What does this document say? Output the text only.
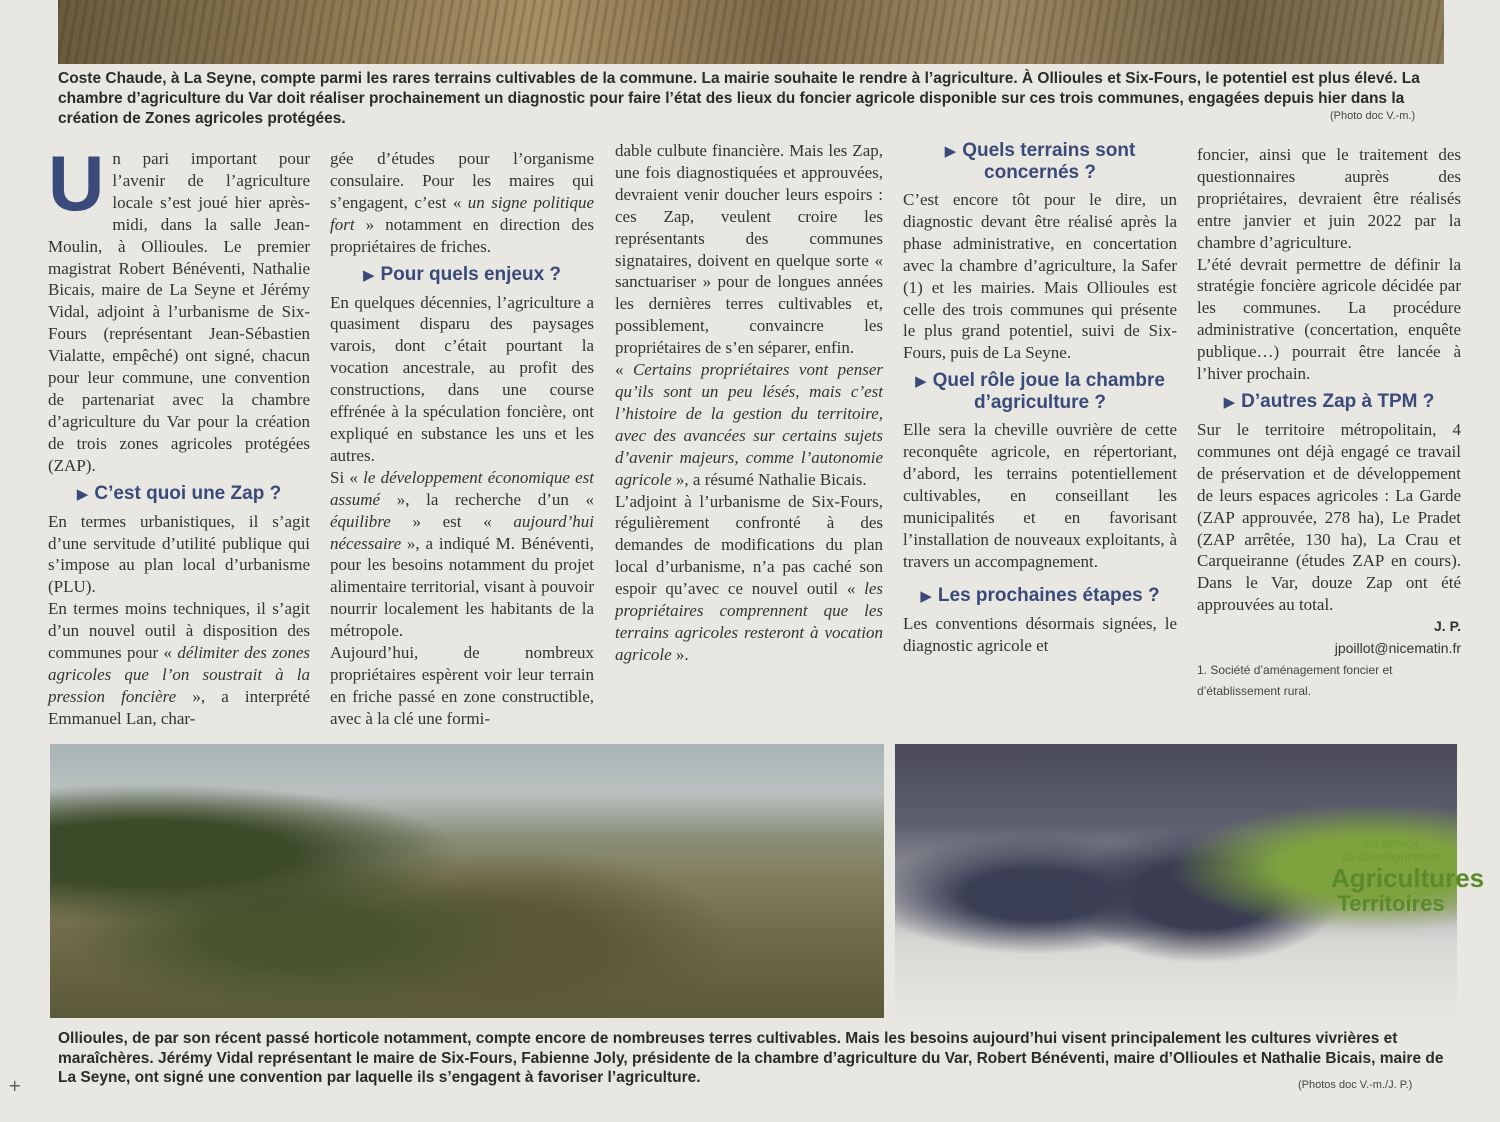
Coste Chaude, à La Seyne, compte parmi les rares terrains cultivables de la commune. La mairie souhaite le rendre à l’agriculture. À Ollioules et Six-Fours, le potentiel est plus élevé. La chambre d’agriculture du Var doit réaliser prochainement un diagnostic pour faire l’état des lieux du foncier agricole disponible sur ces trois communes, engagées depuis hier dans la création de Zones agricoles protégées.	(Photo doc V.-m.)

Un pari important pour l’avenir de l’agriculture locale s’est joué hier après-midi, dans la salle Jean-Moulin, à Ollioules. Le premier magistrat Robert Bénéventi, Nathalie Bicais, maire de La Seyne et Jérémy Vidal, adjoint à l’urbanisme de Six-Fours (représentant Jean-Sébastien Vialatte, empêché) ont signé, chacun pour leur commune, une convention de partenariat avec la chambre d’agriculture du Var pour la création de trois zones agricoles protégées (ZAP).

▶ C’est quoi une Zap ?

En termes urbanistiques, il s’agit d’une servitude d’utilité publique qui s’impose au plan local d’urbanisme (PLU).

En termes moins techniques, il s’agit d’un nouvel outil à disposition des communes pour « délimiter des zones agricoles que l’on soustrait à la pression foncière », a interprété Emmanuel Lan, char-

gée d’études pour l’organisme consulaire. Pour les maires qui s’engagent, c’est « un signe politique fort » notamment en direction des propriétaires de friches.

▶ Pour quels enjeux ?

En quelques décennies, l’agriculture a quasiment disparu des paysages varois, dont c’était pourtant la vocation ancestrale, au profit des constructions, dans une course effrénée à la spéculation foncière, ont expliqué en substance les uns et les autres.

Si « le développement économique est assumé », la recherche d’un « équilibre » est « aujourd’hui nécessaire », a indiqué M. Bénéventi, pour les besoins notamment du projet alimentaire territorial, visant à pouvoir nourrir localement les habitants de la métropole.

Aujourd’hui, de nombreux propriétaires espèrent voir leur terrain en friche passé en zone constructible, avec à la clé une formi-

dable culbute financière. Mais les Zap, une fois diagnostiquées et approuvées, devraient venir doucher leurs espoirs : ces Zap, veulent croire les représentants des communes signataires, doivent en quelque sorte « sanctuariser » pour de longues années les dernières terres cultivables et, possiblement, convaincre les propriétaires de s’en séparer, enfin.

« Certains propriétaires vont penser qu’ils sont un peu lésés, mais c’est l’histoire de la gestion du territoire, avec des avancées sur certains sujets d’avenir majeurs, comme l’autonomie agricole », a résumé Nathalie Bicais.

L’adjoint à l’urbanisme de Six-Fours, régulièrement confronté à des demandes de modifications du plan local d’urbanisme, n’a pas caché son espoir qu’avec ce nouvel outil « les propriétaires comprennent que les terrains agricoles resteront à vocation agricole ».

▶ Quels terrains sont concernés ?

C’est encore tôt pour le dire, un diagnostic devant être réalisé après la phase administrative, en concertation avec la chambre d’agriculture, la Safer (1) et les mairies. Mais Ollioules est celle des trois communes qui présente le plus grand potentiel, suivi de Six-Fours, puis de La Seyne.

▶ Quel rôle joue la chambre d’agriculture ?

Elle sera la cheville ouvrière de cette reconquête agricole, en répertoriant, d’abord, les terrains potentiellement cultivables, en conseillant les municipalités et en favorisant l’installation de nouveaux exploitants, à travers un accompagnement.

▶ Les prochaines étapes ?

Les conventions désormais signées, le diagnostic agricole et

foncier, ainsi que le traitement des questionnaires auprès des propriétaires, devraient être réalisés entre janvier et juin 2022 par la chambre d’agriculture.

L’été devrait permettre de définir la stratégie foncière agricole décidée par les communes. La procédure administrative (concertation, enquête publique…) pourrait être lancée à l’hiver prochain.

▶ D’autres Zap à TPM ?

Sur le territoire métropolitain, 4 communes ont déjà engagé ce travail de préservation et de développement de leurs espaces agricoles : La Garde (ZAP approuvée, 278 ha), Le Pradet (ZAP arrêtée, 130 ha), La Crau et Carqueiranne (études ZAP en cours). Dans le Var, douze Zap ont été approuvées au total.

J. P.
jpoillot@nicematin.fr
1. Société d’aménagement foncier et d’établissement rural.
Au service
du développement
Agricultures
Territoires
Ollioules, de par son récent passé horticole notamment, compte encore de nombreuses terres cultivables. Mais les besoins aujourd’hui visent principalement les cultures vivrières et maraîchères. Jérémy Vidal représentant le maire de Six-Fours, Fabienne Joly, présidente de la chambre d’agriculture du Var, Robert Bénéventi, maire d’Ollioules et Nathalie Bicais, maire de La Seyne, ont signé une convention par laquelle ils s’engagent à favoriser l’agriculture.	(Photos doc V.-m./J. P.)
+
